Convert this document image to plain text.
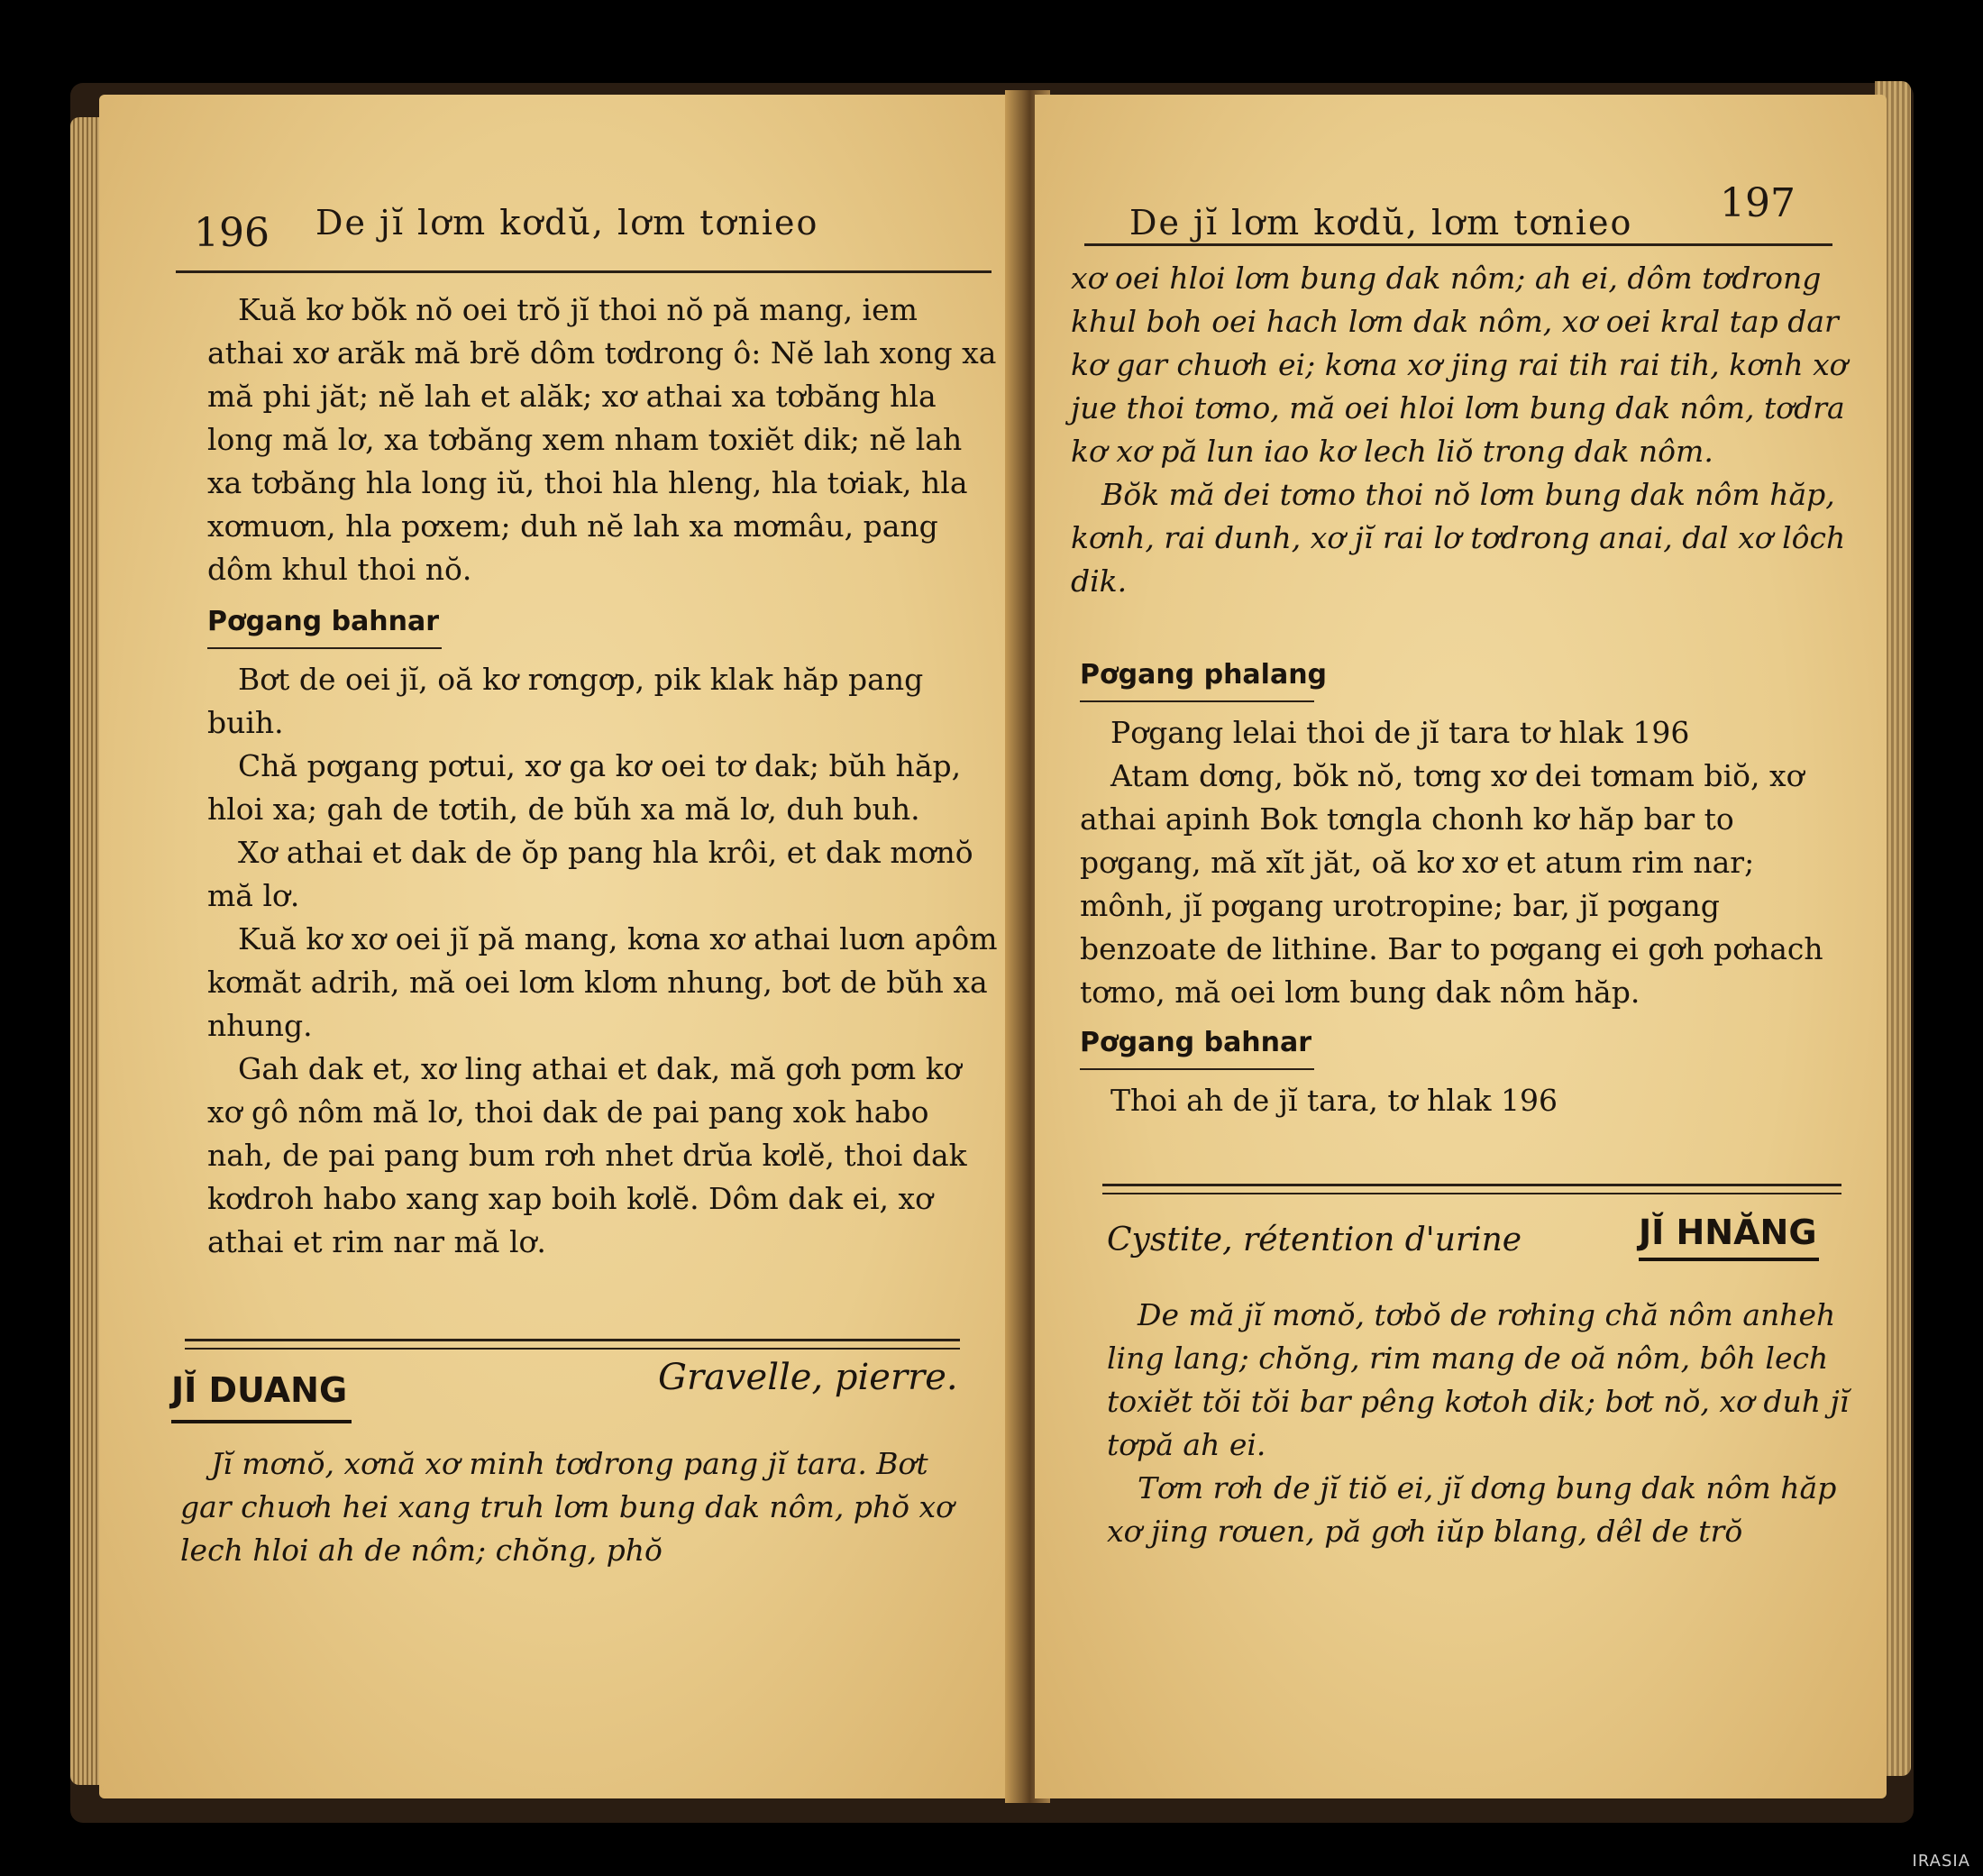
196 De jĭ lơm kơdŭ, lơm tơnieo

Kuă kơ bŏk nŏ oei trŏ jĭ thoi nŏ pă mang, iem athai xơ arăk mă brĕ dôm tơdrong ô: Nĕ lah xong xa mă phi jăt; nĕ lah et alăk; xơ athai xa tơbăng hla long mă lơ, xa tơbăng xem nham toxiĕt dik; nĕ lah xa tơbăng hla long iŭ, thoi hla hleng, hla tơiak, hla xơmuơn, hla pơxem; duh nĕ lah xa mơmâu, pang dôm khul thoi nŏ.

Pơgang bahnar

Bơt de oei jĭ, oă kơ rơngơp, pik klak hăp pang buih.

Chă pơgang pơtui, xơ ga kơ oei tơ dak; bŭh hăp, hloi xa; gah de tơtih, de bŭh xa mă lơ, duh buh.

Xơ athai et dak de ŏp pang hla krôi, et dak mơnŏ mă lơ.

Kuă kơ xơ oei jĭ pă mang, kơna xơ athai luơn apôm kơmăt adrih, mă oei lơm klơm nhung, bơt de bŭh xa nhung.

Gah dak et, xơ ling athai et dak, mă gơh pơm kơ xơ gô nôm mă lơ, thoi dak de pai pang xok habo nah, de pai pang bum rơh nhet drŭa kơlĕ, thoi dak kơdroh habo xang xap boih kơlĕ. Dôm dak ei, xơ athai et rim nar mă lơ.

JĬ DUANG	Gravelle, pierre.

Jĭ mơnŏ, xơnă xơ minh tơdrong pang jĭ tara. Bơt gar chuơh hei xang truh lơm bung dak nôm, phŏ xơ lech hloi ah de nôm; chŏng, phŏ

De jĭ lơm kơdŭ, lơm tơnieo 197

xơ oei hloi lơm bung dak nôm; ah ei, dôm tơdrong khul boh oei hach lơm dak nôm, xơ oei kral tap dar kơ gar chuơh ei; kơna xơ jing rai tih rai tih, kơnh xơ jue thoi tơmo, mă oei hloi lơm bung dak nôm, tơdra kơ xơ pă lun iao kơ lech liŏ trong dak nôm.

Bŏk mă dei tơmo thoi nŏ lơm bung dak nôm hăp, kơnh, rai dunh, xơ jĭ rai lơ tơdrong anai, dal xơ lôch dik.

Pơgang phalang

Pơgang lelai thoi de jĭ tara tơ hlak 196

Atam dơng, bŏk nŏ, tơng xơ dei tơmam biŏ, xơ athai apinh Bok tơngla chonh kơ hăp bar to pơgang, mă xĭt jăt, oă kơ xơ et atum rim nar; mônh, jĭ pơgang urotropine; bar, jĭ pơgang benzoate de lithine. Bar to pơgang ei gơh pơhach tơmo, mă oei lơm bung dak nôm hăp.

Pơgang bahnar

Thoi ah de jĭ tara, tơ hlak 196

Cystite, rétention d'urine	JĬ HNĂNG

De mă jĭ mơnŏ, tơbŏ de rơhing chă nôm anheh ling lang; chŏng, rim mang de oă nôm, bôh lech toxiĕt tŏi tŏi bar pêng kơtoh dik; bơt nŏ, xơ duh jĭ tơpă ah ei.

Tơm rơh de jĭ tiŏ ei, jĭ dơng bung dak nôm hăp xơ jing rơuen, pă gơh iŭp blang, dêl de trŏ

IRASIA
